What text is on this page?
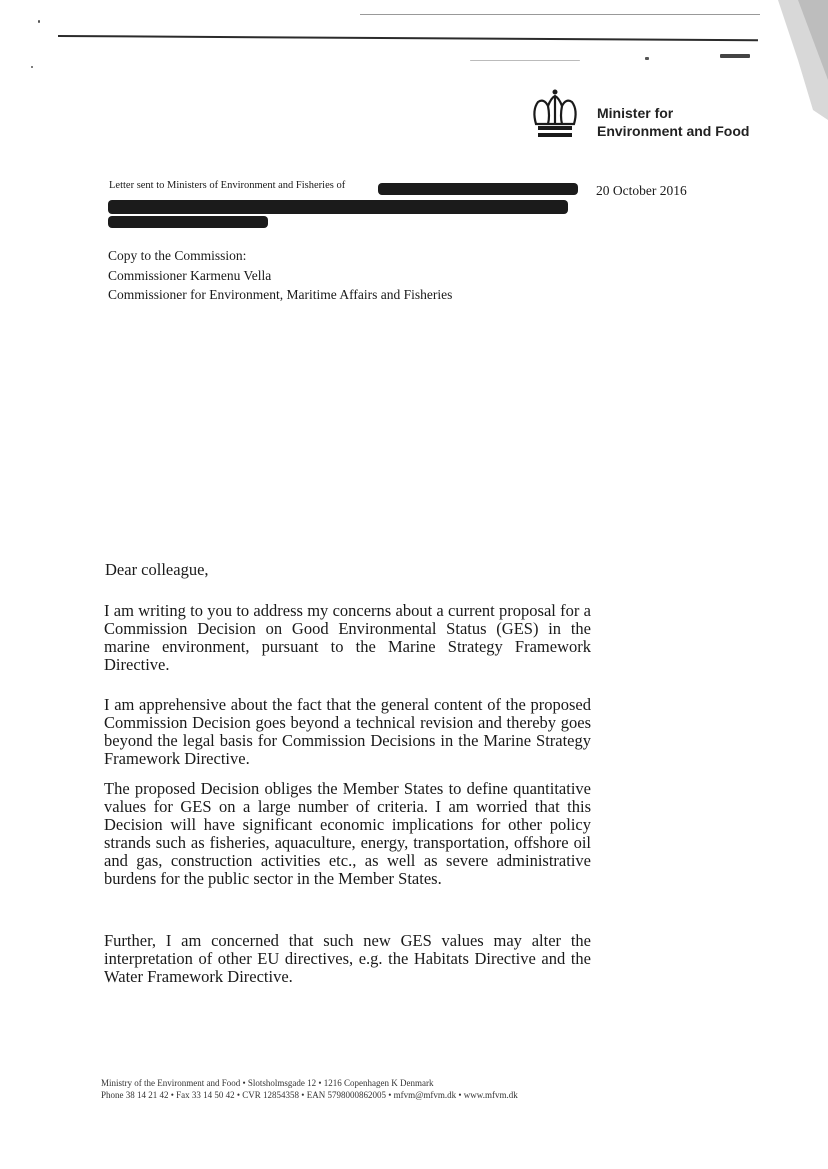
Minister for
Environment and Food
Letter sent to Ministers of Environment and Fisheries of	20 October 2016
Copy to the Commission:
Commissioner Karmenu Vella
Commissioner for Environment, Maritime Affairs and Fisheries
Dear colleague,
I am writing to you to address my concerns about a current proposal for a Commission Decision on Good Environmental Status (GES) in the marine environment, pursuant to the Marine Strategy Framework Directive.
I am apprehensive about the fact that the general content of the proposed Commission Decision goes beyond a technical revision and thereby goes beyond the legal basis for Commission Decisions in the Marine Strategy Framework Directive.
The proposed Decision obliges the Member States to define quantitative values for GES on a large number of criteria. I am worried that this Decision will have significant economic implications for other policy strands such as fisheries, aquaculture, energy, transportation, offshore oil and gas, construction activities etc., as well as severe administrative burdens for the public sector in the Member States.
Further, I am concerned that such new GES values may alter the interpretation of other EU directives, e.g. the Habitats Directive and the Water Framework Directive.
Ministry of the Environment and Food • Slotsholmsgade 12 • 1216 Copenhagen K Denmark
Phone 38 14 21 42 • Fax 33 14 50 42 • CVR 12854358 • EAN 5798000862005 • mfvm@mfvm.dk • www.mfvm.dk
